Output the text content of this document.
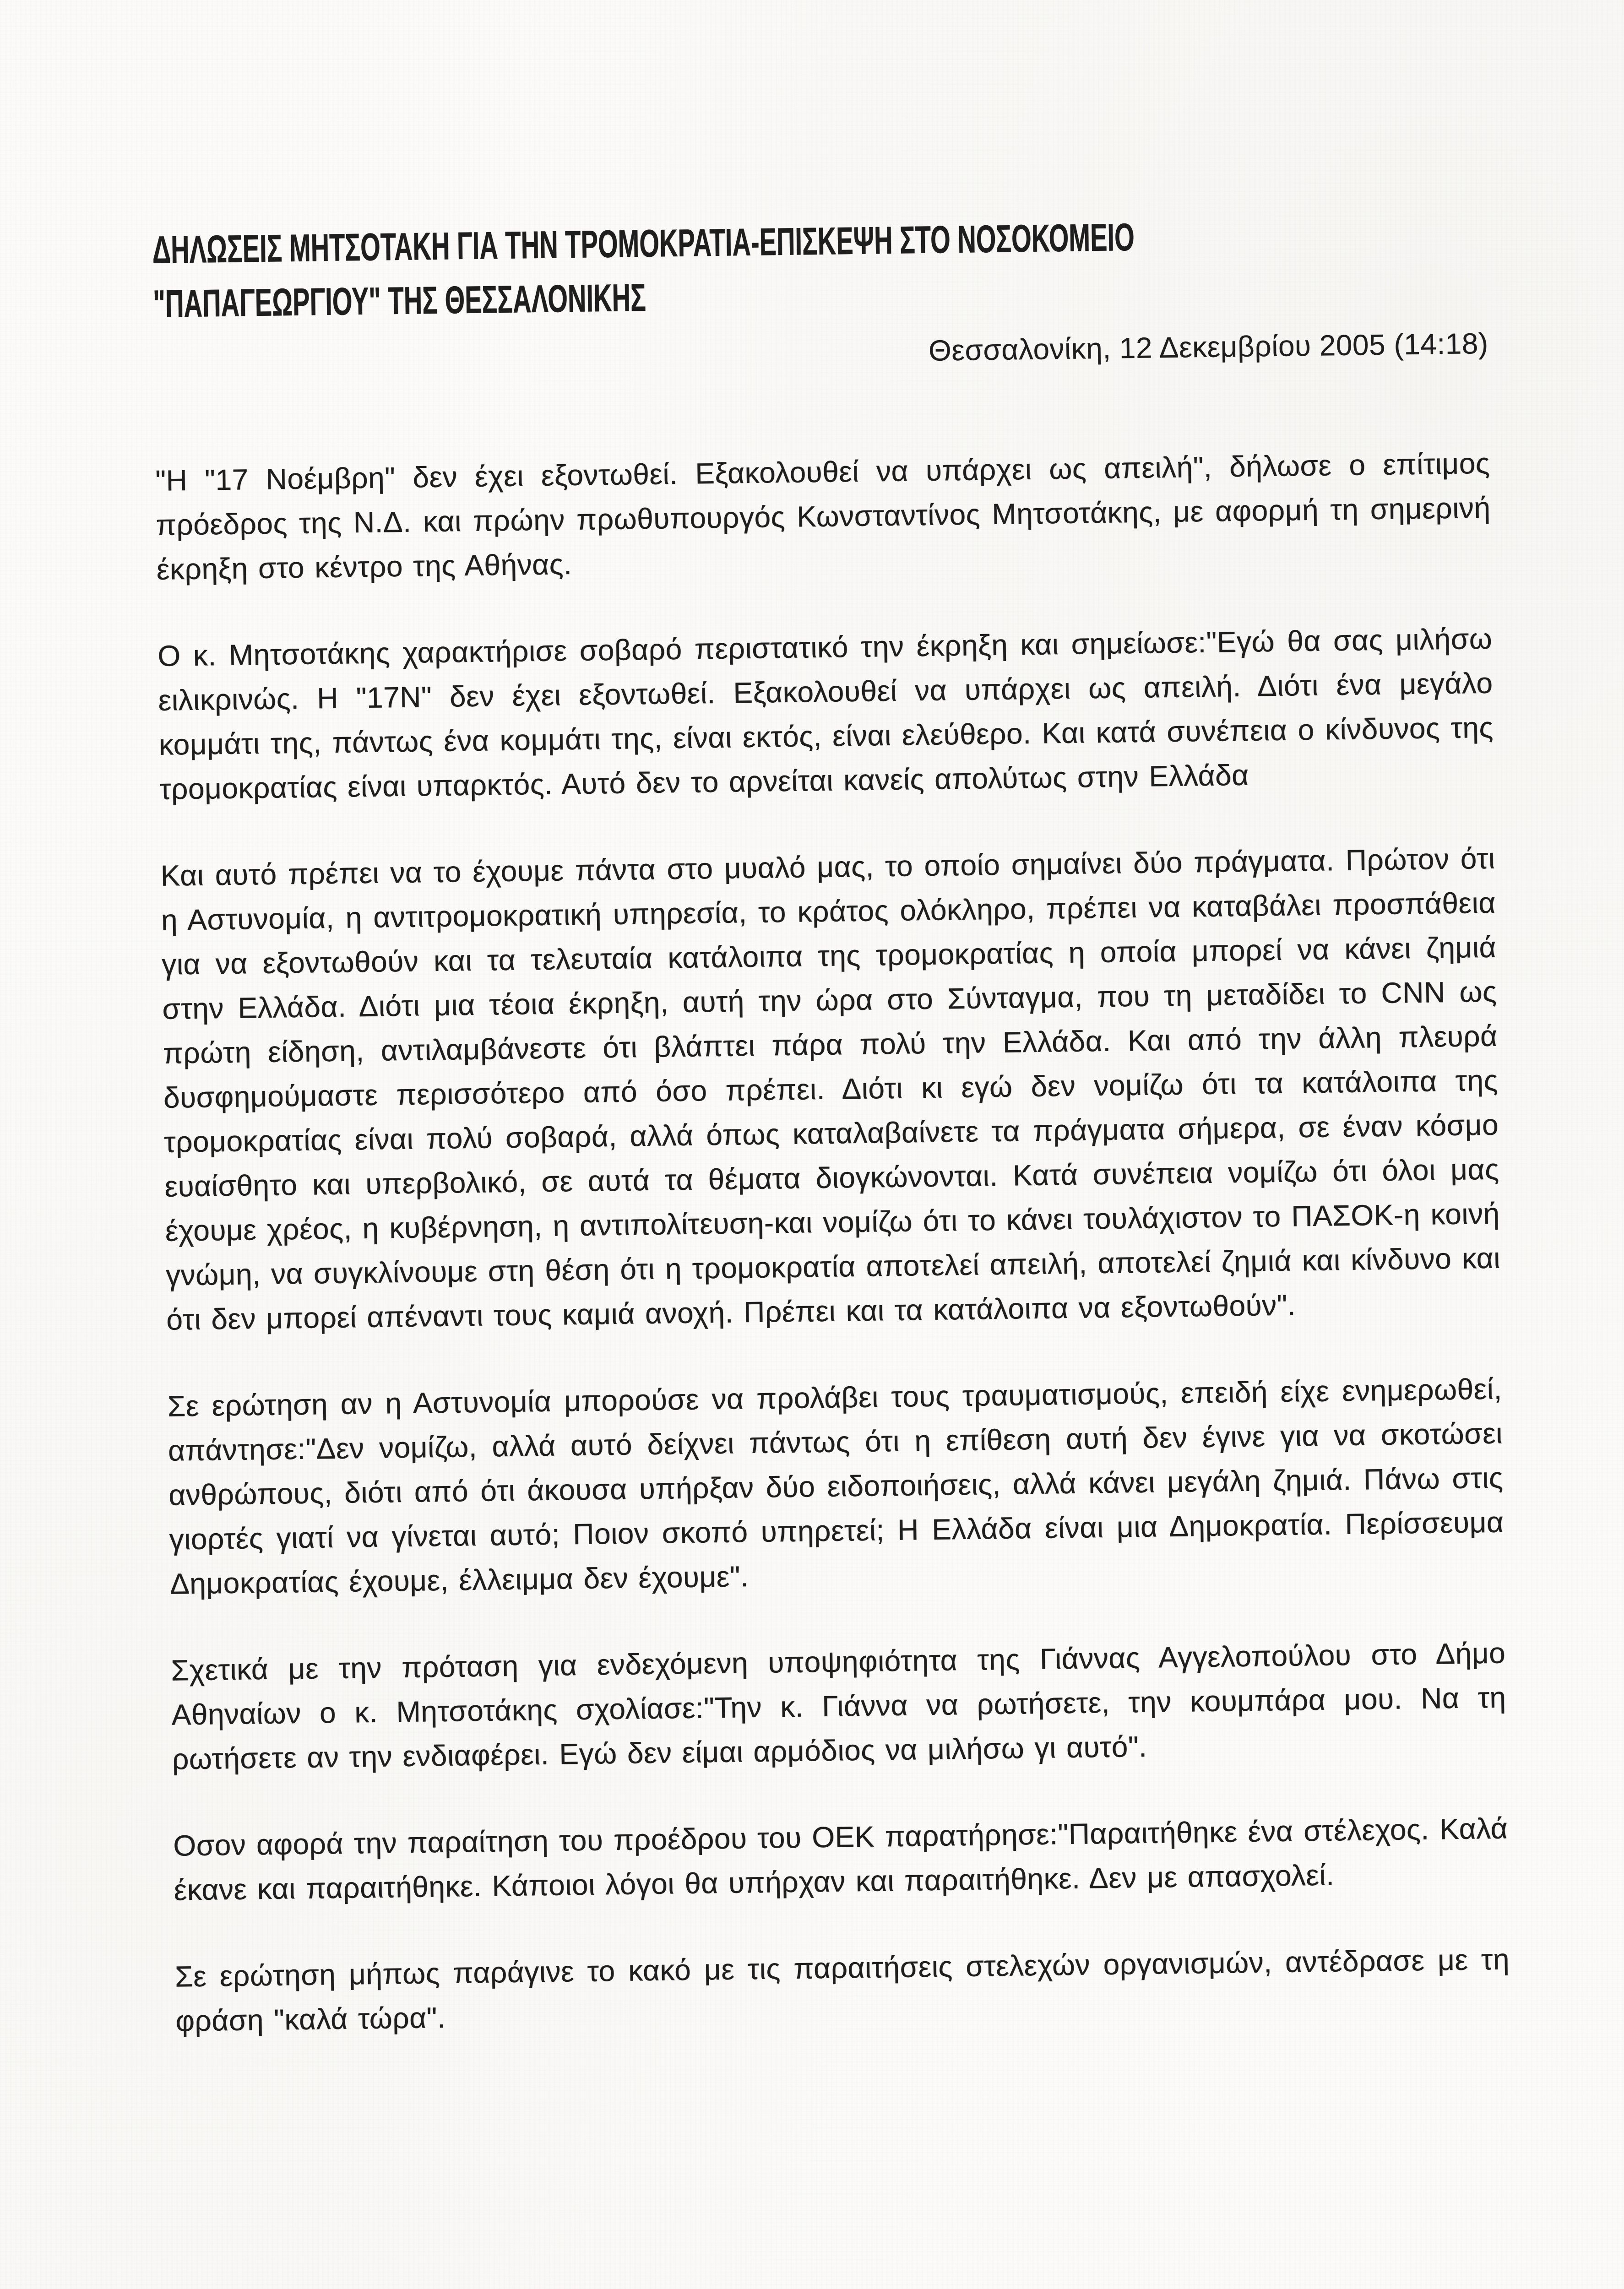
ΔΗΛΩΣΕΙΣ ΜΗΤΣΟΤΑΚΗ ΓΙΑ ΤΗΝ ΤΡΟΜΟΚΡΑΤΙΑ-ΕΠΙΣΚΕΨΗ ΣΤΟ ΝΟΣΟΚΟΜΕΙΟ
"ΠΑΠΑΓΕΩΡΓΙΟΥ" ΤΗΣ ΘΕΣΣΑΛΟΝΙΚΗΣ
Θεσσαλονίκη, 12 Δεκεμβρίου 2005 (14:18)

"Η "17 Νοέμβρη" δεν έχει εξοντωθεί. Εξακολουθεί να υπάρχει ως απειλή", δήλωσε ο επίτιμος πρόεδρος της Ν.Δ. και πρώην πρωθυπουργός Κωνσταντίνος Μητσοτάκης, με αφορμή τη σημερινή έκρηξη στο κέντρο της Αθήνας.

Ο κ. Μητσοτάκης χαρακτήρισε σοβαρό περιστατικό την έκρηξη και σημείωσε:"Εγώ θα σας μιλήσω ειλικρινώς. Η "17Ν" δεν έχει εξοντωθεί. Εξακολουθεί να υπάρχει ως απειλή. Διότι ένα μεγάλο κομμάτι της, πάντως ένα κομμάτι της, είναι εκτός, είναι ελεύθερο. Και κατά συνέπεια ο κίνδυνος της τρομοκρατίας είναι υπαρκτός. Αυτό δεν το αρνείται κανείς απολύτως στην Ελλάδα

Και αυτό πρέπει να το έχουμε πάντα στο μυαλό μας, το οποίο σημαίνει δύο πράγματα. Πρώτον ότι η Αστυνομία, η αντιτρομοκρατική υπηρεσία, το κράτος ολόκληρο, πρέπει να καταβάλει προσπάθεια για να εξοντωθούν και τα τελευταία κατάλοιπα της τρομοκρατίας η οποία μπορεί να κάνει ζημιά στην Ελλάδα. Διότι μια τέοια έκρηξη, αυτή την ώρα στο Σύνταγμα, που τη μεταδίδει το CNN ως πρώτη είδηση, αντιλαμβάνεστε ότι βλάπτει πάρα πολύ την Ελλάδα. Και από την άλλη πλευρά δυσφημούμαστε περισσότερο από όσο πρέπει. Διότι κι εγώ δεν νομίζω ότι τα κατάλοιπα της τρομοκρατίας είναι πολύ σοβαρά, αλλά όπως καταλαβαίνετε τα πράγματα σήμερα, σε έναν κόσμο ευαίσθητο και υπερβολικό, σε αυτά τα θέματα διογκώνονται. Κατά συνέπεια νομίζω ότι όλοι μας έχουμε χρέος, η κυβέρνηση, η αντιπολίτευση-και νομίζω ότι το κάνει τουλάχιστον το ΠΑΣΟΚ-η κοινή γνώμη, να συγκλίνουμε στη θέση ότι η τρομοκρατία αποτελεί απειλή, αποτελεί ζημιά και κίνδυνο και ότι δεν μπορεί απέναντι τους καμιά ανοχή. Πρέπει και τα κατάλοιπα να εξοντωθούν".

Σε ερώτηση αν η Αστυνομία μπορούσε να προλάβει τους τραυματισμούς, επειδή είχε ενημερωθεί, απάντησε:"Δεν νομίζω, αλλά αυτό δείχνει πάντως ότι η επίθεση αυτή δεν έγινε για να σκοτώσει ανθρώπους, διότι από ότι άκουσα υπήρξαν δύο ειδοποιήσεις, αλλά κάνει μεγάλη ζημιά. Πάνω στις γιορτές γιατί να γίνεται αυτό; Ποιον σκοπό υπηρετεί; Η Ελλάδα είναι μια Δημοκρατία. Περίσσευμα Δημοκρατίας έχουμε, έλλειμμα δεν έχουμε".

Σχετικά με την πρόταση για ενδεχόμενη υποψηφιότητα της Γιάννας Αγγελοπούλου στο Δήμο Αθηναίων ο κ. Μητσοτάκης σχολίασε:"Την κ. Γιάννα να ρωτήσετε, την κουμπάρα μου. Να τη ρωτήσετε αν την ενδιαφέρει. Εγώ δεν είμαι αρμόδιος να μιλήσω γι αυτό".

Οσον αφορά την παραίτηση του προέδρου του ΟΕΚ παρατήρησε:"Παραιτήθηκε ένα στέλεχος. Καλά έκανε και παραιτήθηκε. Κάποιοι λόγοι θα υπήρχαν και παραιτήθηκε. Δεν με απασχολεί.

Σε ερώτηση μήπως παράγινε το κακό με τις παραιτήσεις στελεχών οργανισμών, αντέδρασε με τη φράση "καλά τώρα".
